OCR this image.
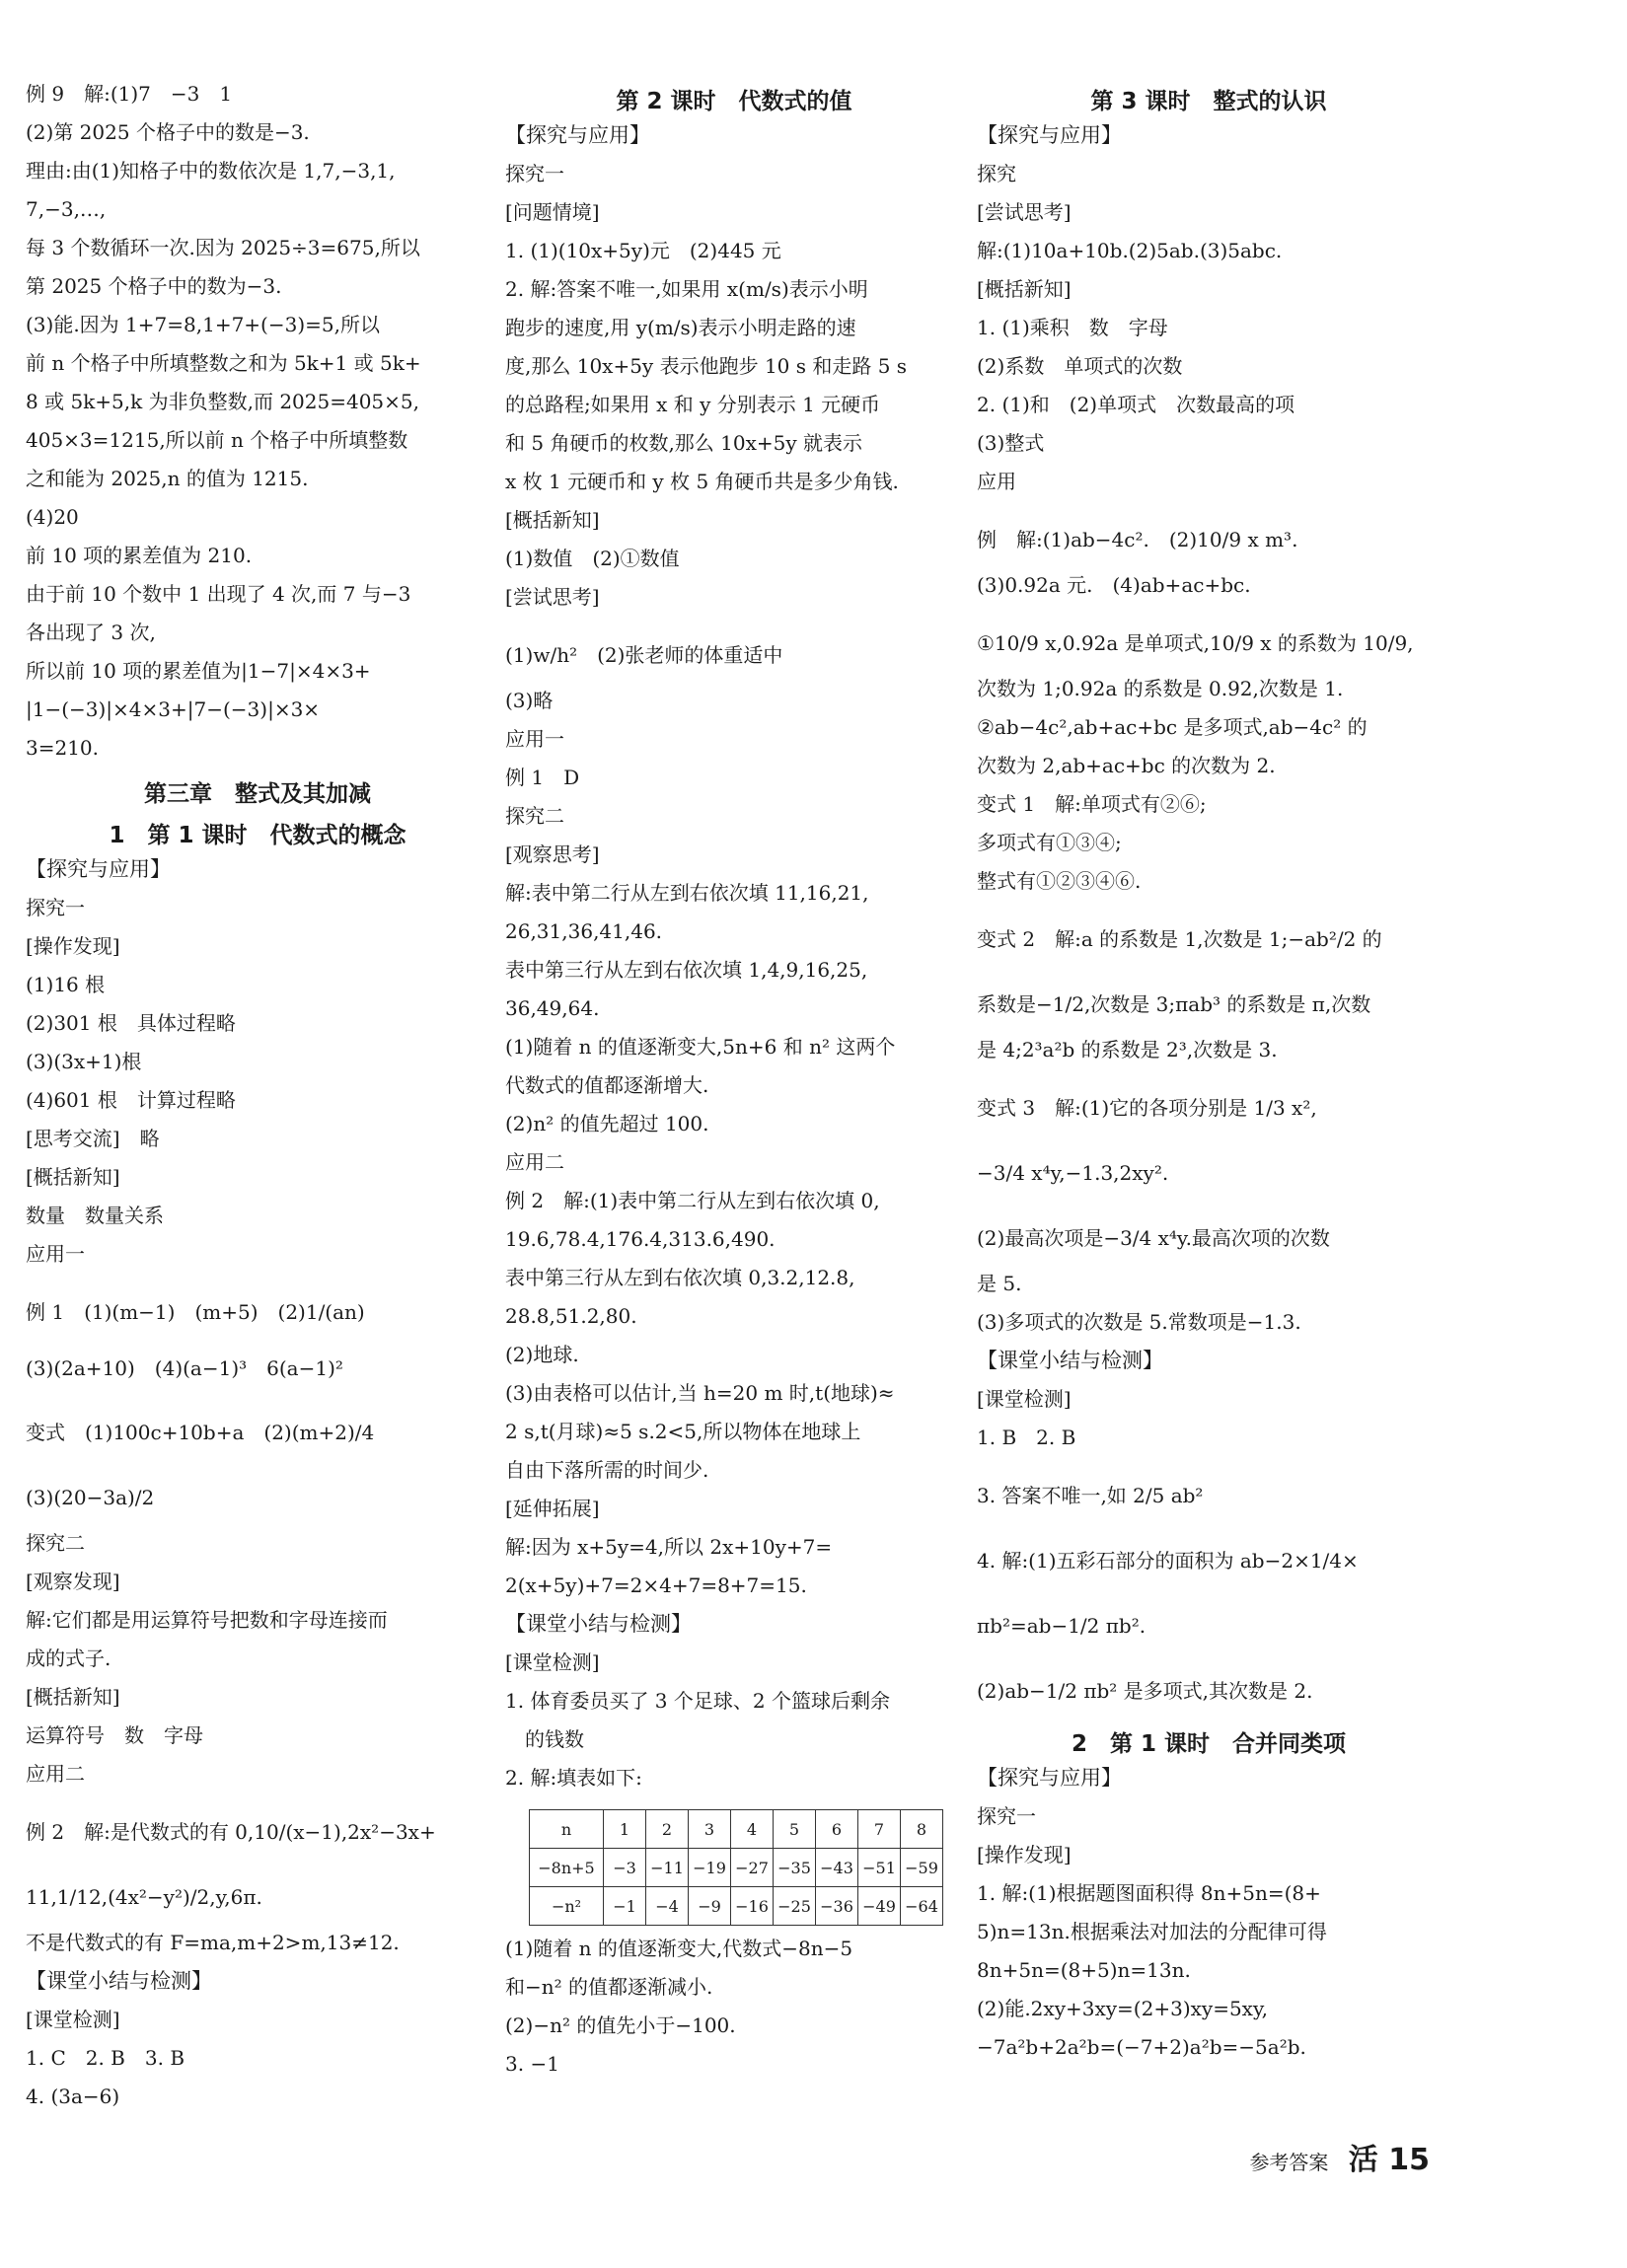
例 9　解:(1)7　−3　1
(2)第 2025 个格子中的数是−3.
理由:由(1)知格子中的数依次是 1,7,−3,1,
7,−3,…,
每 3 个数循环一次.因为 2025÷3=675,所以
第 2025 个格子中的数为−3.
(3)能.因为 1+7=8,1+7+(−3)=5,所以
前 n 个格子中所填整数之和为 5k+1 或 5k+
8 或 5k+5,k 为非负整数,而 2025=405×5,
405×3=1215,所以前 n 个格子中所填整数
之和能为 2025,n 的值为 1215.
(4)20
前 10 项的累差值为 210.
由于前 10 个数中 1 出现了 4 次,而 7 与−3
各出现了 3 次,
所以前 10 项的累差值为|1−7|×4×3+
|1−(−3)|×4×3+|7−(−3)|×3×
3=210.
第三章　整式及其加减
1　第 1 课时　代数式的概念
【探究与应用】
探究一
[操作发现]
(1)16 根
(2)301 根　具体过程略
(3)(3x+1)根
(4)601 根　计算过程略
[思考交流]　略
[概括新知]
数量　数量关系
应用一
例 1　(1)(m−1)　(m+5)　(2)1/(an)
(3)(2a+10)　(4)(a−1)³　6(a−1)²
变式　(1)100c+10b+a　(2)(m+2)/4
(3)(20−3a)/2
探究二
[观察发现]
解:它们都是用运算符号把数和字母连接而
成的式子.
[概括新知]
运算符号　数　字母
应用二
例 2　解:是代数式的有 0,10/(x−1),2x²−3x+
11,1/12,(4x²−y²)/2,y,6π.
不是代数式的有 F=ma,m+2>m,13≠12.
【课堂小结与检测】
[课堂检测]
1. C　2. B　3. B
4. (3a−6)
第 2 课时　代数式的值
【探究与应用】
探究一
[问题情境]
1. (1)(10x+5y)元　(2)445 元
2. 解:答案不唯一,如果用 x(m/s)表示小明
跑步的速度,用 y(m/s)表示小明走路的速
度,那么 10x+5y 表示他跑步 10 s 和走路 5 s
的总路程;如果用 x 和 y 分别表示 1 元硬币
和 5 角硬币的枚数,那么 10x+5y 就表示
x 枚 1 元硬币和 y 枚 5 角硬币共是多少角钱.
[概括新知]
(1)数值　(2)①数值
[尝试思考]
(1)w/h²　(2)张老师的体重适中
(3)略
应用一
例 1　D
探究二
[观察思考]
解:表中第二行从左到右依次填 11,16,21,
26,31,36,41,46.
表中第三行从左到右依次填 1,4,9,16,25,
36,49,64.
(1)随着 n 的值逐渐变大,5n+6 和 n² 这两个
代数式的值都逐渐增大.
(2)n² 的值先超过 100.
应用二
例 2　解:(1)表中第二行从左到右依次填 0,
19.6,78.4,176.4,313.6,490.
表中第三行从左到右依次填 0,3.2,12.8,
28.8,51.2,80.
(2)地球.
(3)由表格可以估计,当 h=20 m 时,t(地球)≈
2 s,t(月球)≈5 s.2<5,所以物体在地球上
自由下落所需的时间少.
[延伸拓展]
解:因为 x+5y=4,所以 2x+10y+7=
2(x+5y)+7=2×4+7=8+7=15.
【课堂小结与检测】
[课堂检测]
1. 体育委员买了 3 个足球、2 个篮球后剩余
　的钱数
2. 解:填表如下:
n	1	2	3	4	5	6	7	8
−8n+5	−3	−11	−19	−27	−35	−43	−51	−59
−n²	−1	−4	−9	−16	−25	−36	−49	−64
(1)随着 n 的值逐渐变大,代数式−8n−5
和−n² 的值都逐渐减小.
(2)−n² 的值先小于−100.
3. −1
第 3 课时　整式的认识
【探究与应用】
探究
[尝试思考]
解:(1)10a+10b.(2)5ab.(3)5abc.
[概括新知]
1. (1)乘积　数　字母
(2)系数　单项式的次数
2. (1)和　(2)单项式　次数最高的项
(3)整式
应用
例　解:(1)ab−4c².　(2)10/9 x m³.
(3)0.92a 元.　(4)ab+ac+bc.
①10/9 x,0.92a 是单项式,10/9 x 的系数为 10/9,
次数为 1;0.92a 的系数是 0.92,次数是 1.
②ab−4c²,ab+ac+bc 是多项式,ab−4c² 的
次数为 2,ab+ac+bc 的次数为 2.
变式 1　解:单项式有②⑥;
多项式有①③④;
整式有①②③④⑥.
变式 2　解:a 的系数是 1,次数是 1;−ab²/2 的
系数是−1/2,次数是 3;πab³ 的系数是 π,次数
是 4;2³a²b 的系数是 2³,次数是 3.
变式 3　解:(1)它的各项分别是 1/3 x²,
−3/4 x⁴y,−1.3,2xy².
(2)最高次项是−3/4 x⁴y.最高次项的次数
是 5.
(3)多项式的次数是 5.常数项是−1.3.
【课堂小结与检测】
[课堂检测]
1. B　2. B
3. 答案不唯一,如 2/5 ab²
4. 解:(1)五彩石部分的面积为 ab−2×1/4×
πb²=ab−1/2 πb².
(2)ab−1/2 πb² 是多项式,其次数是 2.
2　第 1 课时　合并同类项
【探究与应用】
探究一
[操作发现]
1. 解:(1)根据题图面积得 8n+5n=(8+
5)n=13n.根据乘法对加法的分配律可得
8n+5n=(8+5)n=13n.
(2)能.2xy+3xy=(2+3)xy=5xy,
−7a²b+2a²b=(−7+2)a²b=−5a²b.
参考答案 活 15
